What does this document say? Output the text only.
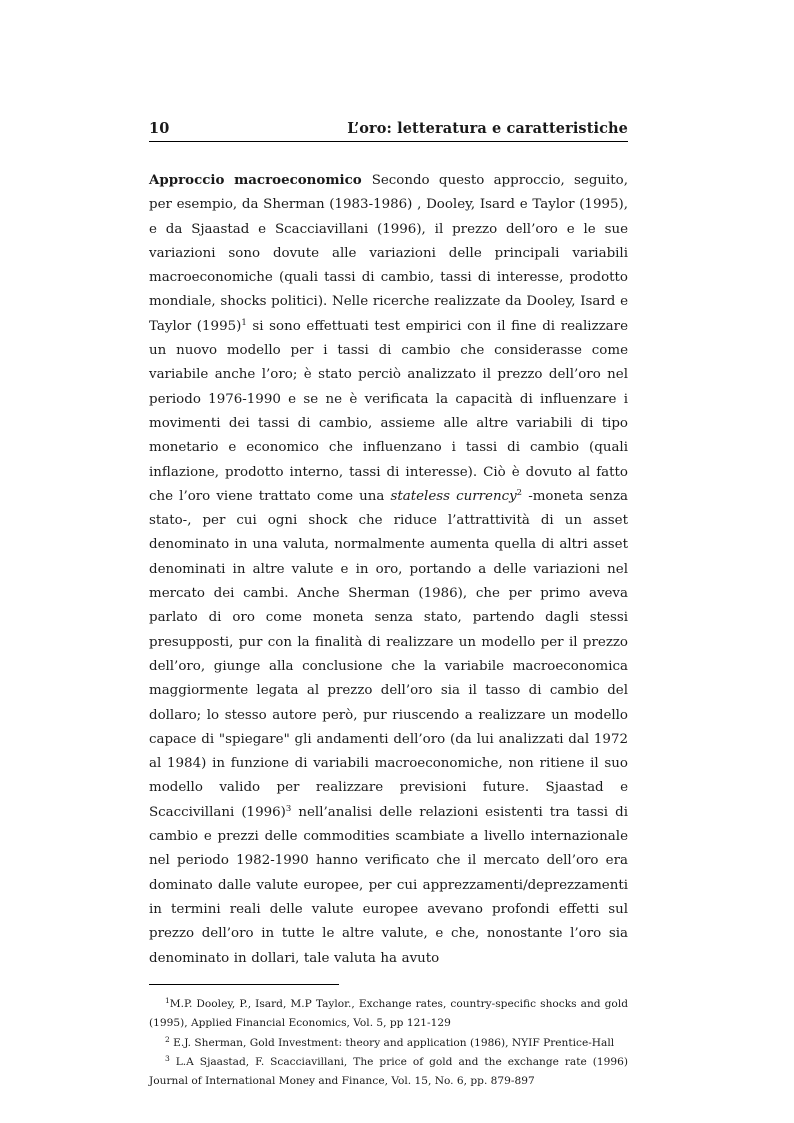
10	L’oro: letteratura e caratteristiche

Approccio macroeconomico Secondo questo approccio, seguito, per esempio, da Sherman (1983-1986) , Dooley, Isard e Taylor (1995), e da Sjaastad e Scacciavillani (1996), il prezzo dell’oro e le sue variazioni sono dovute alle variazioni delle principali variabili macroeconomiche (quali tassi di cambio, tassi di interesse, prodotto mondiale, shocks politici). Nelle ricerche realizzate da Dooley, Isard e Taylor $(1995)^1$ si sono effettuati test empirici con il fine di realizzare un nuovo modello per i tassi di cambio che considerasse come variabile anche l’oro; è stato perciò analizzato il prezzo dell’oro nel periodo 1976-1990 e se ne è verificata la capacità di influenzare i movimenti dei tassi di cambio, assieme alle altre variabili di tipo monetario e economico che influenzano i tassi di cambio (quali inflazione, prodotto interno, tassi di interesse). Ciò è dovuto al fatto che l’oro viene trattato come una stateless currency$^2$ -moneta senza stato-, per cui ogni shock che riduce l’attrattività di un asset denominato in una valuta, normalmente aumenta quella di altri asset denominati in altre valute e in oro, portando a delle variazioni nel mercato dei cambi. Anche Sherman (1986), che per primo aveva parlato di oro come moneta senza stato, partendo dagli stessi presupposti, pur con la finalità di realizzare un modello per il prezzo dell’oro, giunge alla conclusione che la variabile macroeconomica maggiormente legata al prezzo dell’oro sia il tasso di cambio del dollaro; lo stesso autore però, pur riuscendo a realizzare un modello capace di "spiegare" gli andamenti dell’oro (da lui analizzati dal 1972 al 1984) in funzione di variabili macroeconomiche, non ritiene il suo modello valido per realizzare previsioni future. Sjaastad e Scaccivillani $(1996)^3$ nell’analisi delle relazioni esistenti tra tassi di cambio e prezzi delle commodities scambiate a livello internazionale nel periodo 1982-1990 hanno verificato che il mercato dell’oro era dominato dalle valute europee, per cui apprezzamenti/deprezzamenti in termini reali delle valute europee avevano profondi effetti sul prezzo dell’oro in tutte le altre valute, e che, nonostante l’oro sia denominato in dollari, tale valuta ha avuto

$^1$M.P. Dooley, P., Isard, M.P Taylor., Exchange rates, country-specific shocks and gold (1995), Applied Financial Economics, Vol. 5, pp 121-129
$^2$ E.J. Sherman, Gold Investment: theory and application (1986), NYIF Prentice-Hall
$^3$ L.A Sjaastad, F. Scacciavillani, The price of gold and the exchange rate (1996) Journal of International Money and Finance, Vol. 15, No. 6, pp. 879-897
